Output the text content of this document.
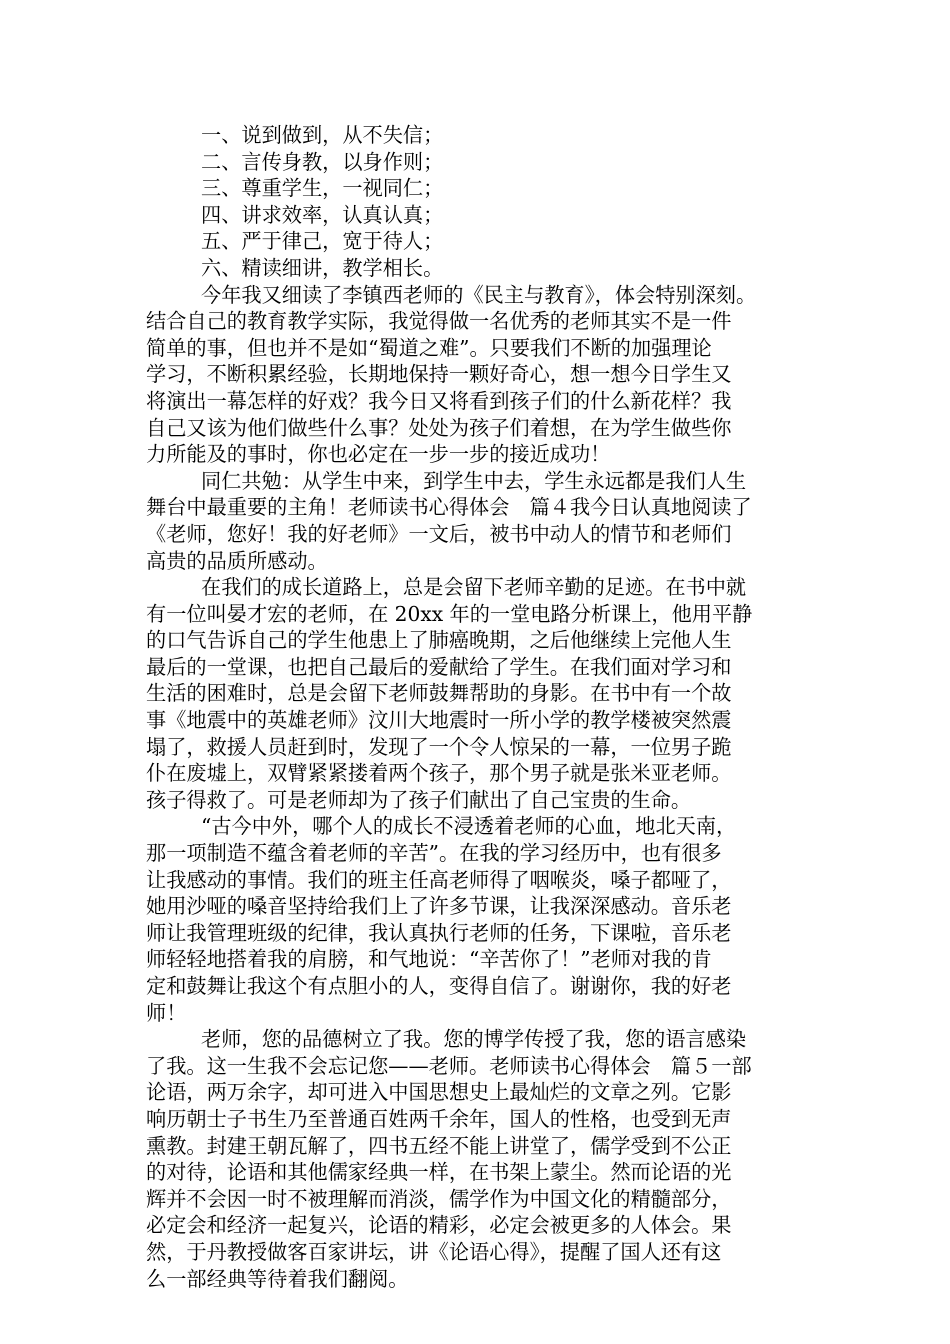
一、说到做到，从不失信；
二、言传身教，以身作则；
三、尊重学生，一视同仁；
四、讲求效率，认真认真；
五、严于律己，宽于待人；
六、精读细讲，教学相长。
今年我又细读了李镇西老师的《民主与教育》，体会特别深刻。
结合自己的教育教学实际，我觉得做一名优秀的老师其实不是一件
简单的事，但也并不是如“蜀道之难”。只要我们不断的加强理论
学习，不断积累经验，长期地保持一颗好奇心，想一想今日学生又
将演出一幕怎样的好戏？我今日又将看到孩子们的什么新花样？我
自己又该为他们做些什么事？处处为孩子们着想，在为学生做些你
力所能及的事时，你也必定在一步一步的接近成功！
同仁共勉：从学生中来，到学生中去，学生永远都是我们人生
舞台中最重要的主角！老师读书心得体会　篇４我今日认真地阅读了
《老师，您好！我的好老师》一文后，被书中动人的情节和老师们
高贵的品质所感动。
在我们的成长道路上，总是会留下老师辛勤的足迹。在书中就
有一位叫晏才宏的老师，在 20xx 年的一堂电路分析课上，他用平静
的口气告诉自己的学生他患上了肺癌晚期，之后他继续上完他人生
最后的一堂课，也把自己最后的爱献给了学生。在我们面对学习和
生活的困难时，总是会留下老师鼓舞帮助的身影。在书中有一个故
事《地震中的英雄老师》汶川大地震时一所小学的教学楼被突然震
塌了，救援人员赶到时，发现了一个令人惊呆的一幕，一位男子跪
仆在废墟上，双臂紧紧搂着两个孩子，那个男子就是张米亚老师。
孩子得救了。可是老师却为了孩子们献出了自己宝贵的生命。
“古今中外，哪个人的成长不浸透着老师的心血，地北天南，
那一项制造不蕴含着老师的辛苦”。在我的学习经历中，也有很多
让我感动的事情。我们的班主任高老师得了咽喉炎，嗓子都哑了，
她用沙哑的嗓音坚持给我们上了许多节课，让我深深感动。音乐老
师让我管理班级的纪律，我认真执行老师的任务，下课啦，音乐老
师轻轻地搭着我的肩膀，和气地说：“辛苦你了！”老师对我的肯
定和鼓舞让我这个有点胆小的人，变得自信了。谢谢你，我的好老
师！
老师，您的品德树立了我。您的博学传授了我，您的语言感染
了我。这一生我不会忘记您——老师。老师读书心得体会　篇５一部
论语，两万余字，却可进入中国思想史上最灿烂的文章之列。它影
响历朝士子书生乃至普通百姓两千余年，国人的性格，也受到无声
熏教。封建王朝瓦解了，四书五经不能上讲堂了，儒学受到不公正
的对待，论语和其他儒家经典一样，在书架上蒙尘。然而论语的光
辉并不会因一时不被理解而消淡，儒学作为中国文化的精髓部分，
必定会和经济一起复兴，论语的精彩，必定会被更多的人体会。果
然，于丹教授做客百家讲坛，讲《论语心得》，提醒了国人还有这
么一部经典等待着我们翻阅。
